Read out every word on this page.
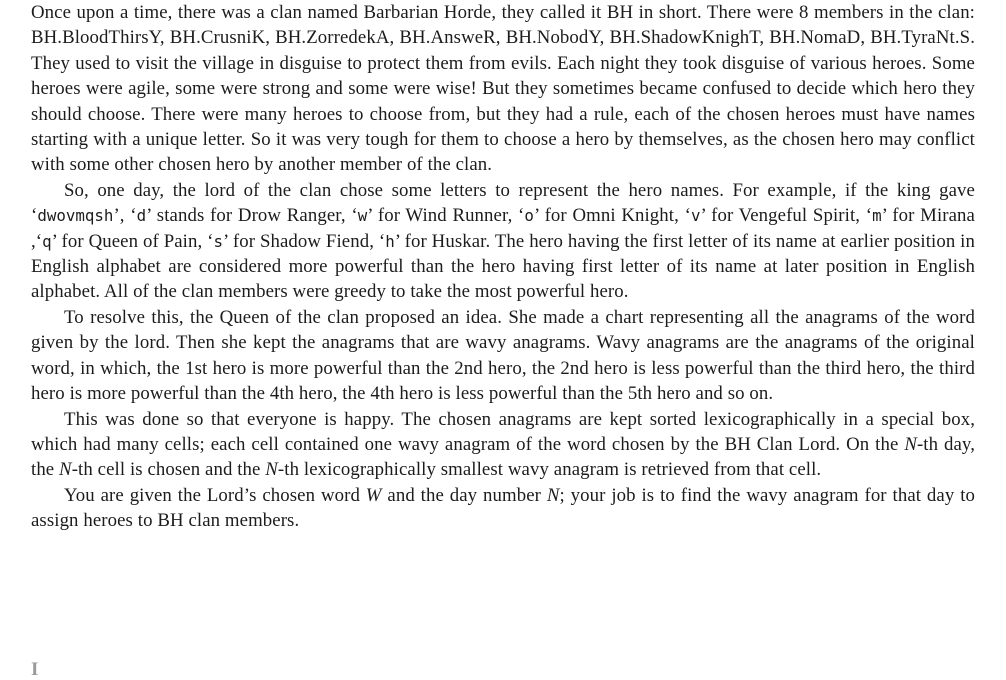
Once upon a time, there was a clan named Barbarian Horde, they called it BH in short. There were 8 members in the clan: BH.BloodThirsY, BH.CrusniK, BH.ZorredekA, BH.AnsweR, BH.NobodY, BH.ShadowKnighT, BH.NomaD, BH.TyraNt.S. They used to visit the village in disguise to protect them from evils. Each night they took disguise of various heroes. Some heroes were agile, some were strong and some were wise! But they sometimes became confused to decide which hero they should choose. There were many heroes to choose from, but they had a rule, each of the chosen heroes must have names starting with a unique letter. So it was very tough for them to choose a hero by themselves, as the chosen hero may conflict with some other chosen hero by another member of the clan.

So, one day, the lord of the clan chose some letters to represent the hero names. For example, if the king gave ‘dwovmqsh’, ‘d’ stands for Drow Ranger, ‘w’ for Wind Runner, ‘o’ for Omni Knight, ‘v’ for Vengeful Spirit, ‘m’ for Mirana ,‘q’ for Queen of Pain, ‘s’ for Shadow Fiend, ‘h’ for Huskar. The hero having the first letter of its name at earlier position in English alphabet are considered more powerful than the hero having first letter of its name at later position in English alphabet. All of the clan members were greedy to take the most powerful hero.

To resolve this, the Queen of the clan proposed an idea. She made a chart representing all the anagrams of the word given by the lord. Then she kept the anagrams that are wavy anagrams. Wavy anagrams are the anagrams of the original word, in which, the 1st hero is more powerful than the 2nd hero, the 2nd hero is less powerful than the third hero, the third hero is more powerful than the 4th hero, the 4th hero is less powerful than the 5th hero and so on.

This was done so that everyone is happy. The chosen anagrams are kept sorted lexicographically in a special box, which had many cells; each cell contained one wavy anagram of the word chosen by the BH Clan Lord. On the N-th day, the N-th cell is chosen and the N-th lexicographically smallest wavy anagram is retrieved from that cell.

You are given the Lord’s chosen word W and the day number N; your job is to find the wavy anagram for that day to assign heroes to BH clan members.

I
